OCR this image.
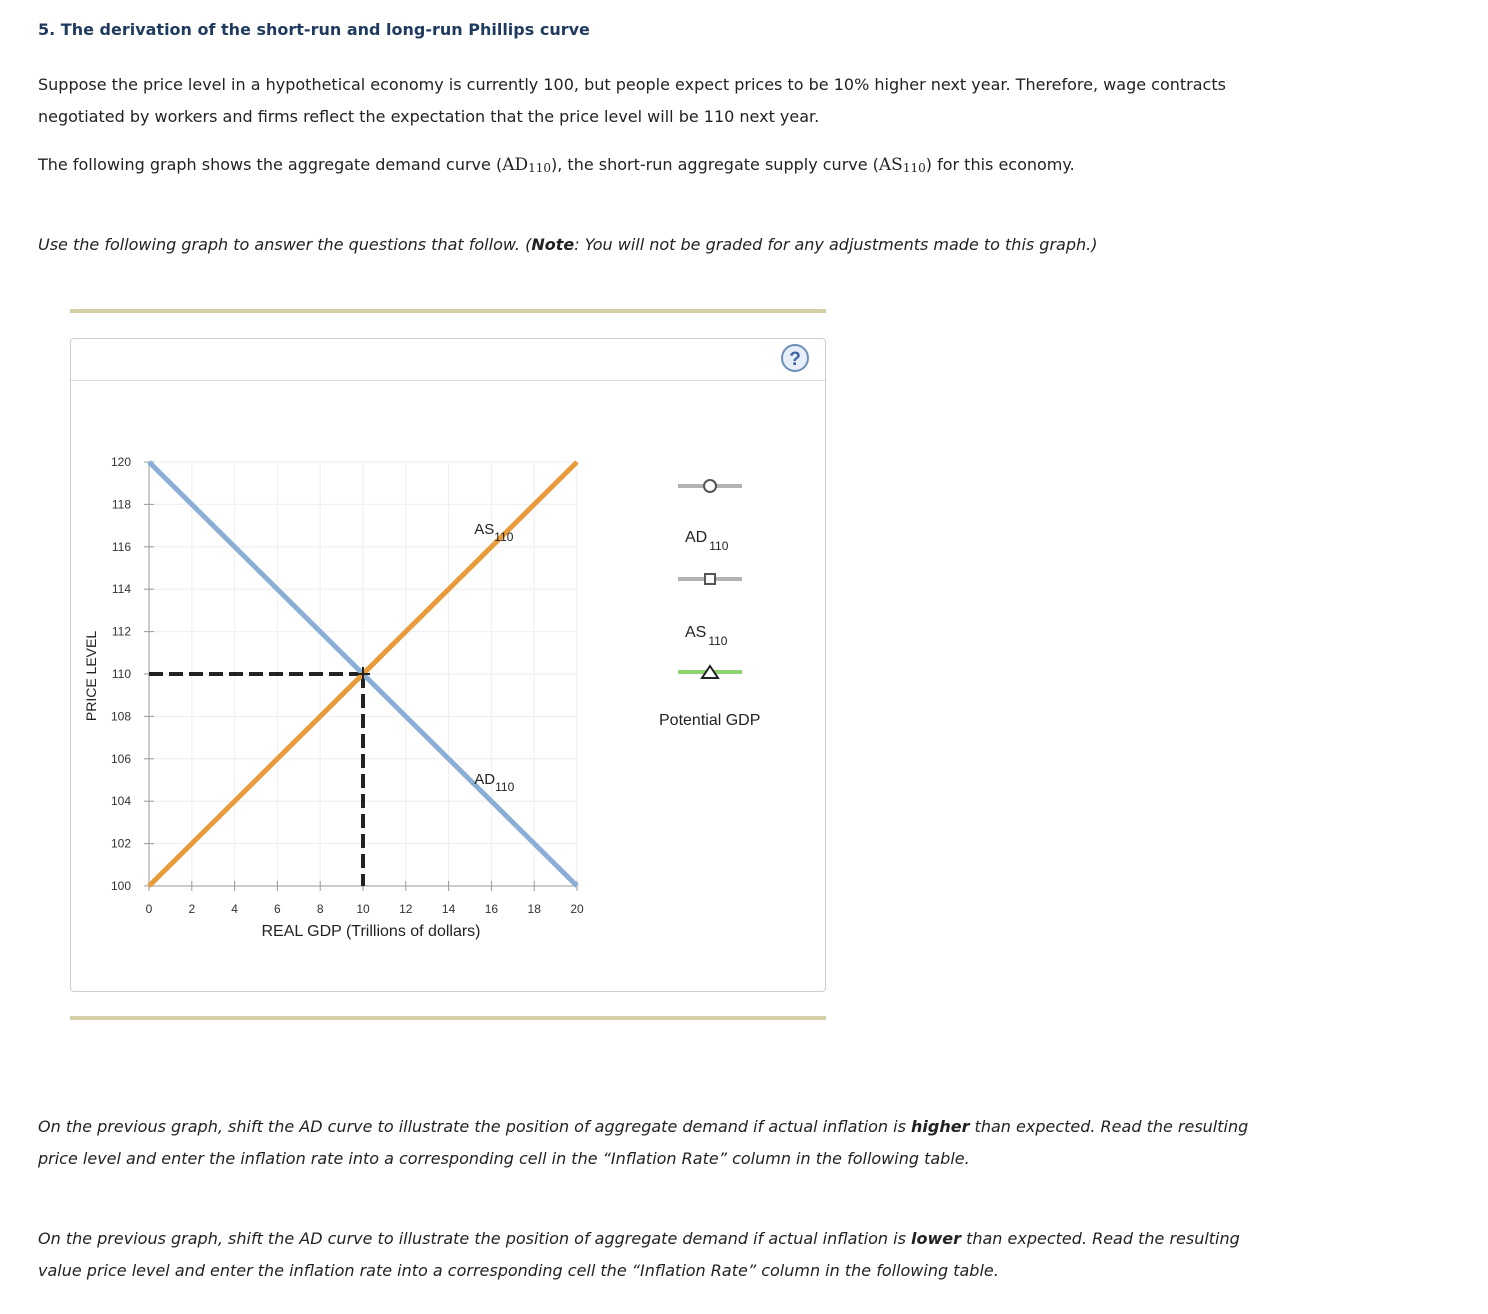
5. The derivation of the short-run and long-run Phillips curve

Suppose the price level in a hypothetical economy is currently 100, but people expect prices to be 10% higher next year. Therefore, wage contracts
negotiated by workers and firms reflect the expectation that the price level will be 110 next year.

The following graph shows the aggregate demand curve $(AD_{110})$, the short-run aggregate supply curve $(AS_{110})$ for this economy.

Use the following graph to answer the questions that follow. (Note: You will not be graded for any adjustments made to this graph.)

?
0	2	4	6	8	10 12 14 16 18 20
100
102
104
106
108
110
112
114
116
118
120
REAL GDP (Trillions of dollars)
PRICE LEVEL
$AS_{110}$
$AD_{110}$
AD $_{110}$
AS $_{110}$
Potential GDP

On the previous graph, shift the AD curve to illustrate the position of aggregate demand if actual inflation is higher than expected. Read the resulting
price level and enter the inflation rate into a corresponding cell in the “Inflation Rate” column in the following table.

On the previous graph, shift the AD curve to illustrate the position of aggregate demand if actual inflation is lower than expected. Read the resulting
value price level and enter the inflation rate into a corresponding cell the “Inflation Rate” column in the following table.
